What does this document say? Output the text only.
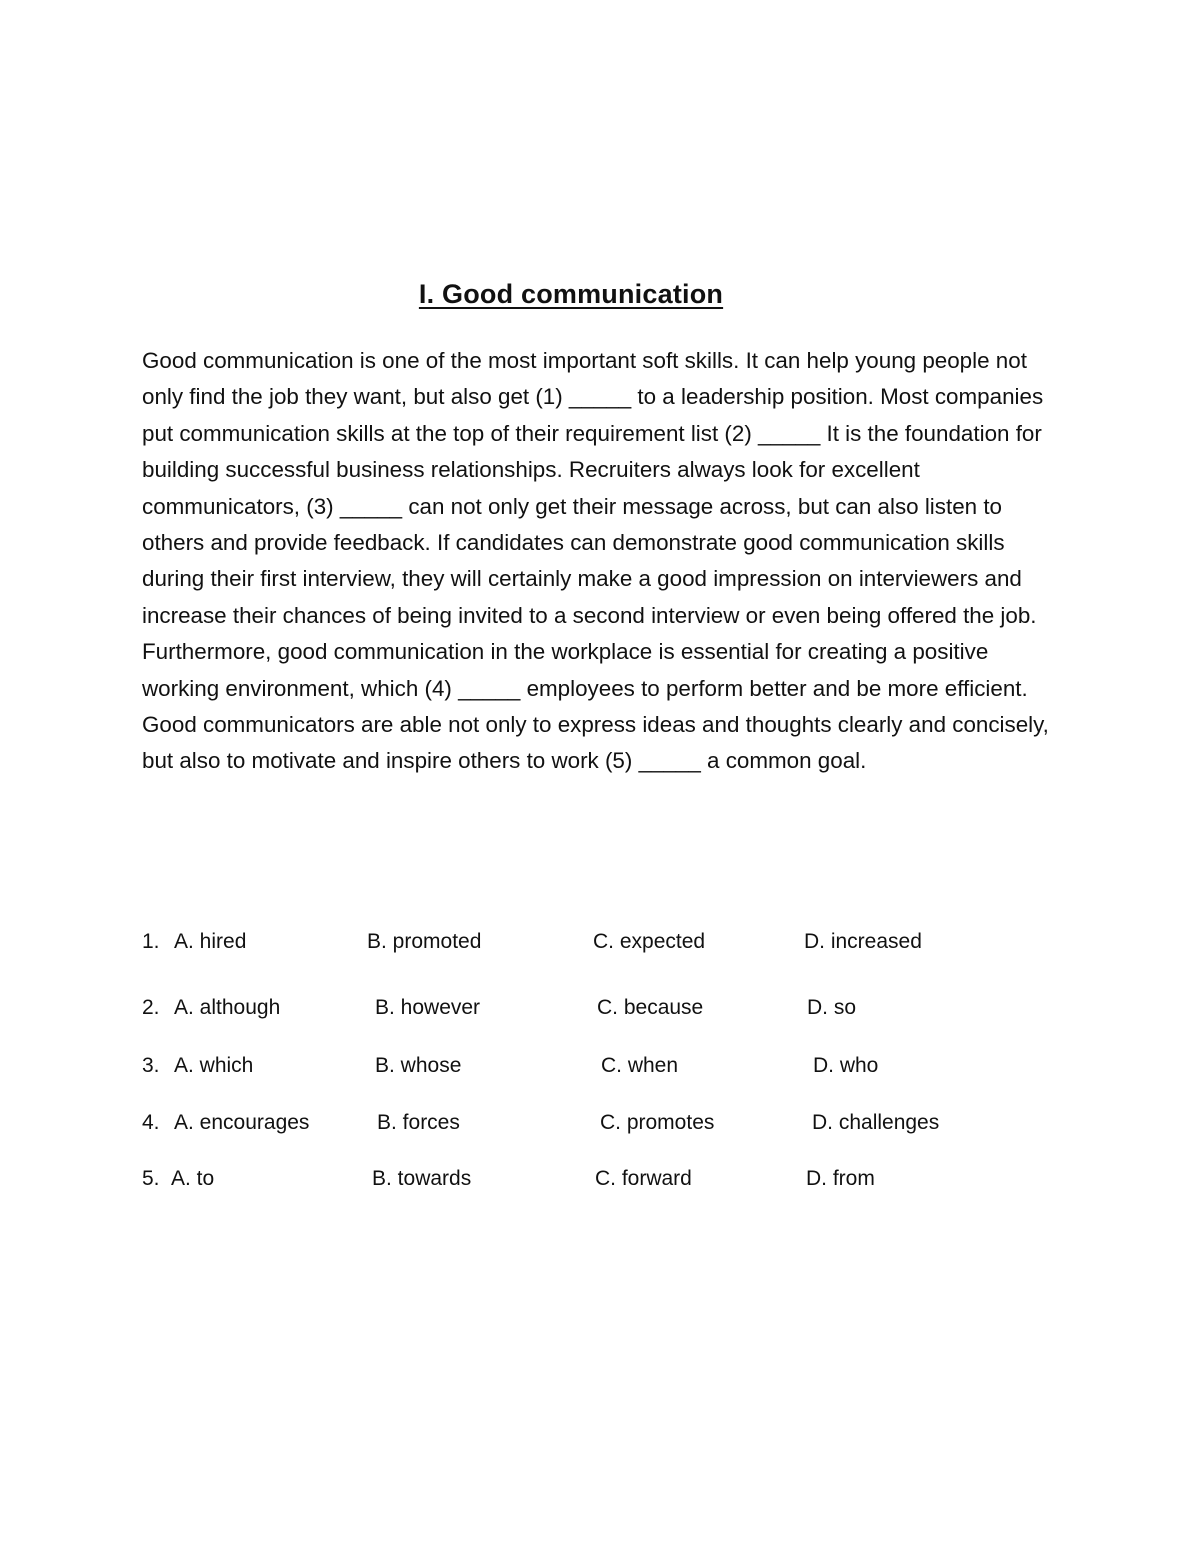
I. Good communication

Good communication is one of the most important soft skills. It can help young people not only find the job they want, but also get (1) _____ to a leadership position. Most companies put communication skills at the top of their requirement list (2) _____ It is the foundation for building successful business relationships. Recruiters always look for excellent communicators, (3) _____ can not only get their message across, but can also listen to others and provide feedback. If candidates can demonstrate good communication skills during their first interview, they will certainly make a good impression on interviewers and increase their chances of being invited to a second interview or even being offered the job. Furthermore, good communication in the workplace is essential for creating a positive working environment, which (4) _____ employees to perform better and be more efficient. Good communicators are able not only to express ideas and thoughts clearly and concisely, but also to motivate and inspire others to work (5) _____ a common goal.

1. A. hired	B. promoted	C. expected	D. increased
2. A. although	B. however	C. because	D. so
3. A. which	B. whose	C. when	D. who
4. A. encourages	B. forces	C. promotes	D. challenges
5. A. to	B. towards	C. forward	D. from
